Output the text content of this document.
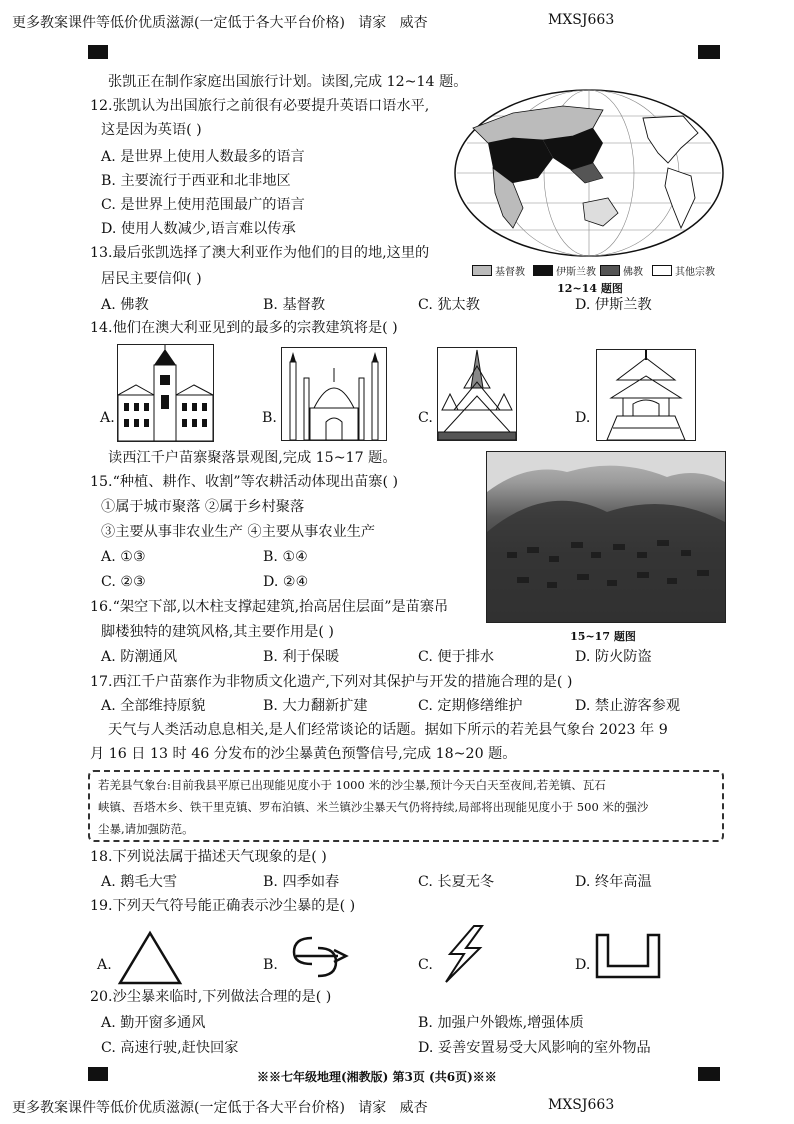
更多教案课件等低价优质滋源(一定低于各大平台价格)   请家   威杏	MXSJ663
张凯正在制作家庭出国旅行计划。读图,完成 12~14 题。
12.张凯认为出国旅行之前很有必要提升英语口语水平,
这是因为英语( )
A. 是世界上使用人数最多的语言
B. 主要流行于西亚和北非地区
C. 是世界上使用范围最广的语言
D. 使用人数减少,语言难以传承
基督教	伊斯兰教	佛教	其他宗教
12~14 题图
13.最后张凯选择了澳大利亚作为他们的目的地,这里的
居民主要信仰( )
A. 佛教	B. 基督教	C. 犹太教	D. 伊斯兰教
14.他们在澳大利亚见到的最多的宗教建筑将是( )
A.	B.	C.	D.
读西江千户苗寨聚落景观图,完成 15~17 题。
15~17 题图
15.“种植、耕作、收割”等农耕活动体现出苗寨( )
①属于城市聚落 ②属于乡村聚落
③主要从事非农业生产 ④主要从事农业生产
A. ①③	B. ①④
C. ②③	D. ②④
16.“架空下部,以木柱支撑起建筑,抬高居住层面”是苗寨吊
脚楼独特的建筑风格,其主要作用是( )
A. 防潮通风	B. 利于保暖	C. 便于排水	D. 防火防盗
17.西江千户苗寨作为非物质文化遗产,下列对其保护与开发的措施合理的是( )
A. 全部维持原貌	B. 大力翻新扩建	C. 定期修缮维护	D. 禁止游客参观
天气与人类活动息息相关,是人们经常谈论的话题。据如下所示的若羌县气象台 2023 年 9
月 16 日 13 时 46 分发布的沙尘暴黄色预警信号,完成 18~20 题。
若羌县气象台:目前我县平原已出现能见度小于 1000 米的沙尘暴,预计今天白天至夜间,若羌镇、瓦石
峡镇、吾塔木乡、铁干里克镇、罗布泊镇、米兰镇沙尘暴天气仍将持续,局部将出现能见度小于 500 米的强沙
尘暴,请加强防范。
18.下列说法属于描述天气现象的是( )
A. 鹅毛大雪	B. 四季如春	C. 长夏无冬	D. 终年高温
19.下列天气符号能正确表示沙尘暴的是( )
A.	B.	C.	D.
20.沙尘暴来临时,下列做法合理的是( )
A. 勤开窗多通风	B. 加强户外锻炼,增强体质
C. 高速行驶,赶快回家	D. 妥善安置易受大风影响的室外物品
※※七年级地理(湘教版) 第3页 (共6页)※※
更多教案课件等低价优质滋源(一定低于各大平台价格)   请家   威杏	MXSJ663
